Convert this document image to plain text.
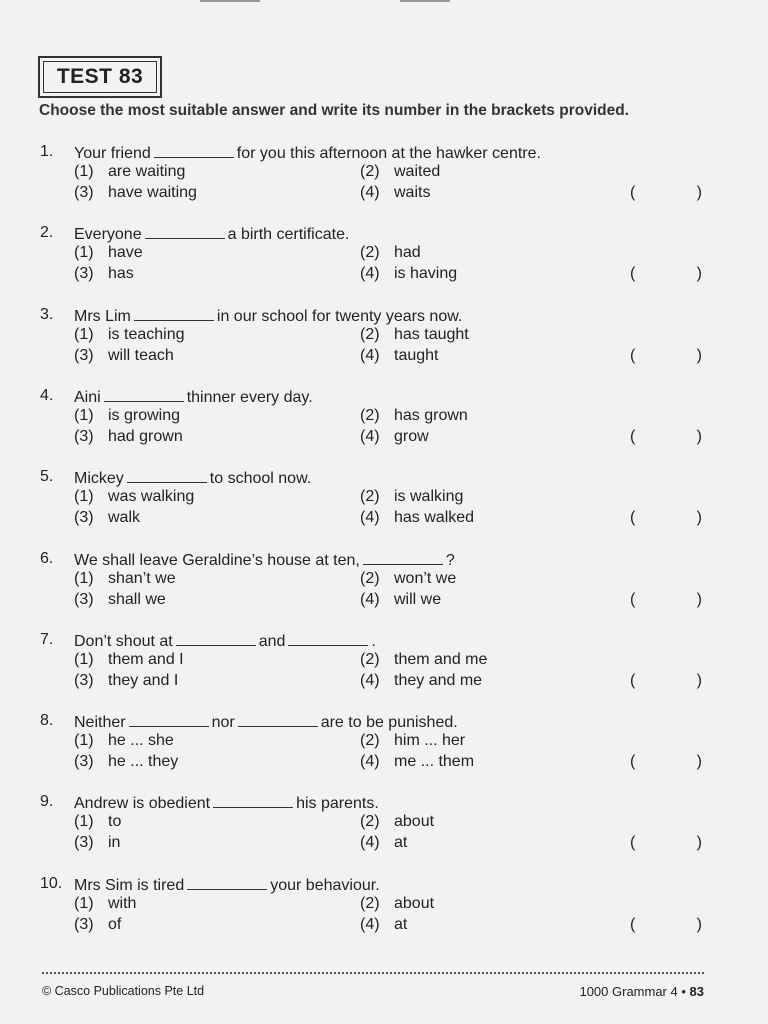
TEST 83
Choose the most suitable answer and write its number in the brackets provided.
1. Your friend	for you this afternoon at the hawker centre.
(1) are waiting	(2) waited
(3) have waiting	(4) waits	(	)
2. Everyone	a birth certificate.
(1) have	(2) had
(3) has	(4) is having	(	)
3. Mrs Lim	in our school for twenty years now.
(1) is teaching	(2) has taught
(3) will teach	(4) taught	(	)
4. Aini	thinner every day.
(1) is growing	(2) has grown
(3) had grown	(4) grow	(	)
5. Mickey	to school now.
(1) was walking	(2) is walking
(3) walk	(4) has walked	(	)
6. We shall leave Geraldine’s house at ten,	?
(1) shan’t we	(2) won’t we
(3) shall we	(4) will we	(	)
7. Don’t shout at	and	.
(1) them and I	(2) them and me
(3) they and I	(4) they and me	(	)
8. Neither	nor	are to be punished.
(1) he ... she	(2) him ... her
(3) he ... they	(4) me ... them	(	)
9. Andrew is obedient	his parents.
(1) to	(2) about
(3) in	(4) at	(	)
10. Mrs Sim is tired	your behaviour.
(1) with	(2) about
(3) of	(4) at	(	)
© Casco Publications Pte Ltd	1000 Grammar 4 • 83
